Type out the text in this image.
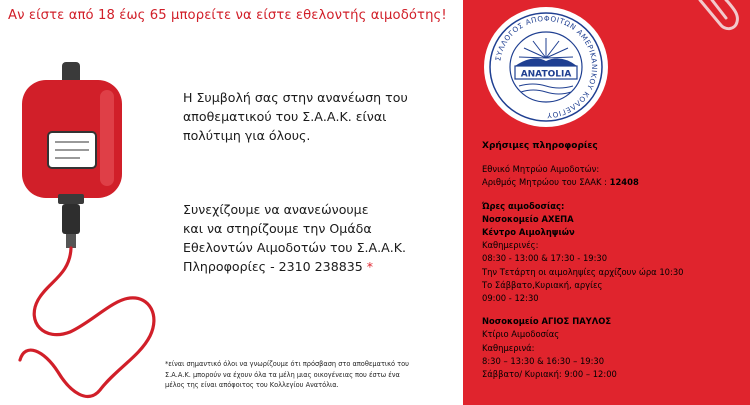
Αν είστε από 18 έως 65 μπορείτε να είστε εθελοντής αιμοδότης!
Η Συμβολή σας στην ανανέωση του
αποθεματικού του Σ.Α.Α.Κ. είναι
πολύτιμη για όλους.
Συνεχίζουμε να ανανεώνουμε
και να στηρίζουμε την Ομάδα
Εθελοντών Αιμοδοτών του Σ.Α.Α.Κ.
Πληροφορίες - 2310 238835 *
*είναι σημαντικό όλοι να γνωρίζουμε ότι πρόσβαση στο αποθεματικό του
Σ.Α.Α.Κ. μπορούν να έχουν όλα τα μέλη μιας οικογένειας που έστω ένα
μέλος της είναι απόφοιτος του Κολλεγίου Ανατόλια.
ΣΥΛΛΟΓΟΣ ΑΠΟΦΟΙΤΩΝ ΑΜΕΡΙΚΑΝΙΚΟΥ ΚΟΛΛΕΓΙΟΥ
ANATOLIA
Χρήσιμες πληροφορίες
Εθνικό Μητρώο Αιμοδοτών:
Αριθμός Μητρώου του ΣΑΑΚ : 12408
Ώρες αιμοδοσίας:
Νοσοκομείο ΑΧΕΠΑ
Κέντρο Αιμοληψιών
Καθημερινές:
08:30 - 13:00 & 17:30 - 19:30
Την Τετάρτη οι αιμοληψίες αρχίζουν ώρα 10:30
Το Σάββατο,Κυριακή, αργίες
09:00 - 12:30
Νοσοκομείο ΑΓΙΟΣ ΠΑΥΛΟΣ
Κτίριο Αιμοδοσίας
Καθημερινά:
8:30 – 13:30 & 16:30 – 19:30
Σάββατο/ Κυριακή: 9:00 – 12:00
